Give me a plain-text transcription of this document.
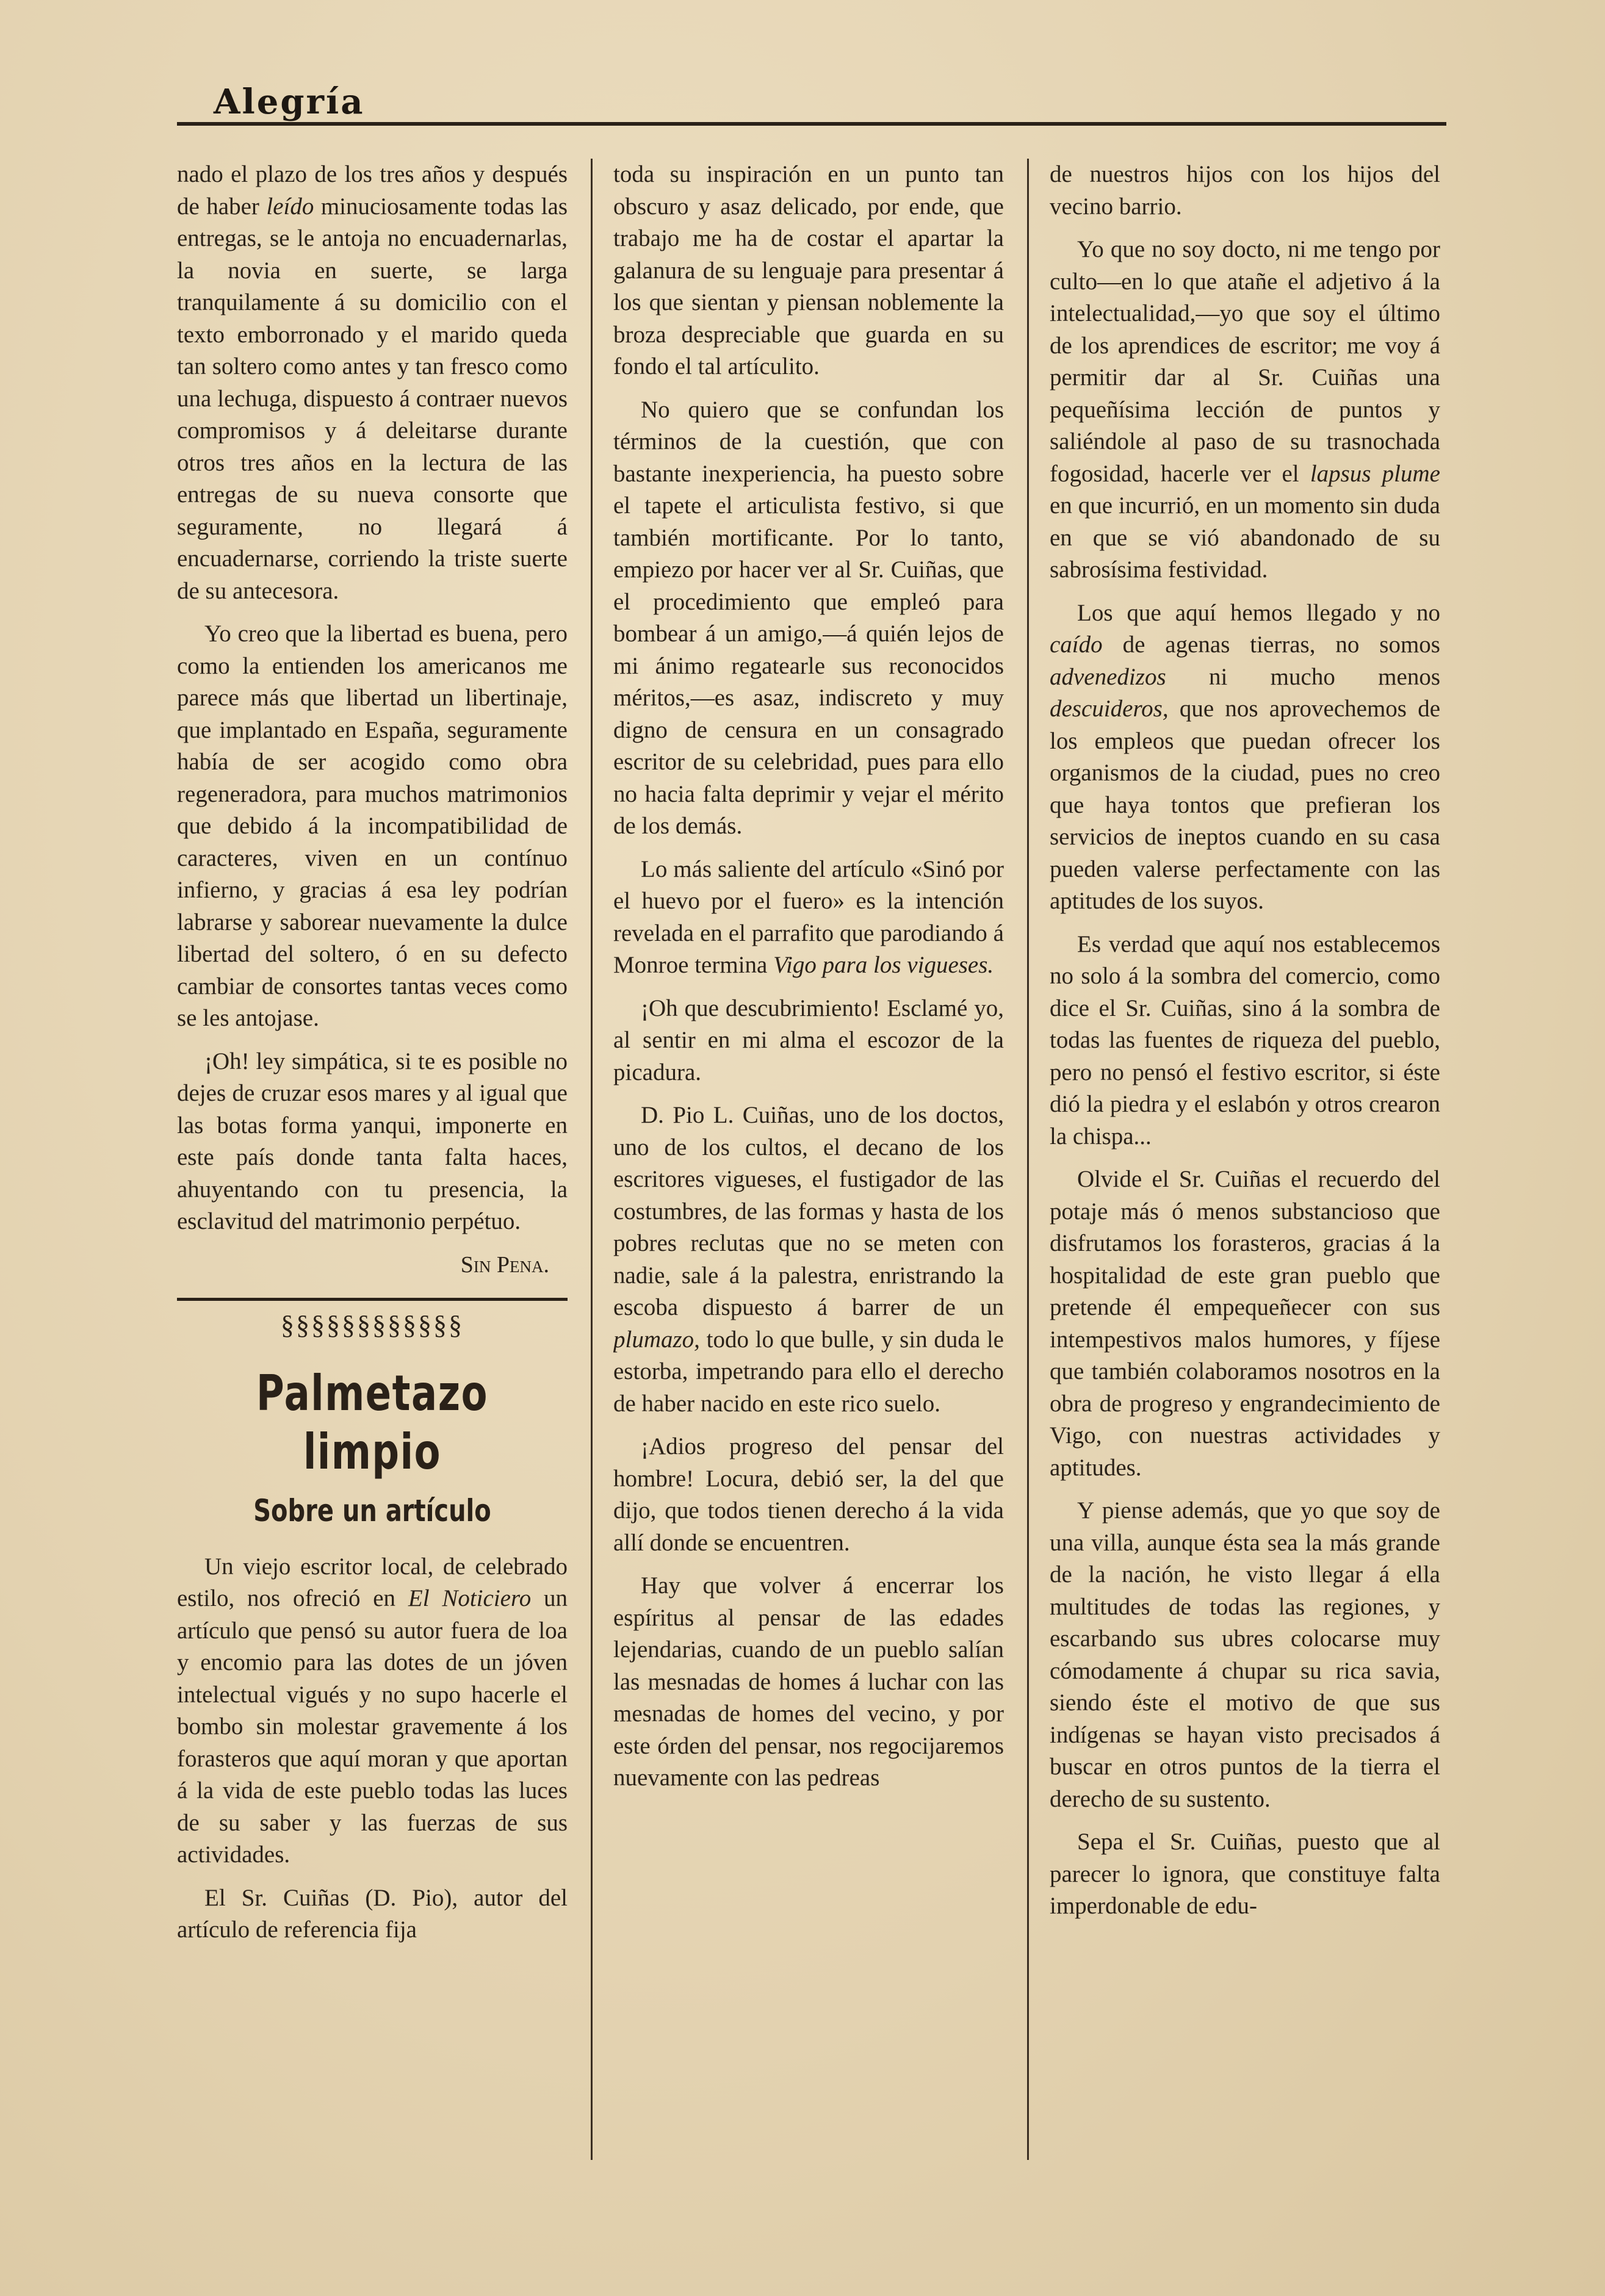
Alegría

nado el plazo de los tres años y después de haber leído minuciosamente todas las entregas, se le antoja no encuadernarlas, la novia en suerte, se larga tranquilamente á su domicilio con el texto emborronado y el marido queda tan soltero como antes y tan fresco como una lechuga, dispuesto á contraer nuevos compromisos y á deleitarse durante otros tres años en la lectura de las entregas de su nueva consorte que seguramente, no llegará á encuadernarse, corriendo la triste suerte de su antecesora.

Yo creo que la libertad es buena, pero como la entienden los americanos me parece más que libertad un libertinaje, que implantado en España, seguramente había de ser acogido como obra regeneradora, para muchos matrimonios que debido á la incompatibilidad de caracteres, viven en un contínuo infierno, y gracias á esa ley podrían labrarse y saborear nuevamente la dulce libertad del soltero, ó en su defecto cambiar de consortes tantas veces como se les antojase.

¡Oh! ley simpática, si te es posible no dejes de cruzar esos mares y al igual que las botas forma yanqui, imponerte en este país donde tanta falta haces, ahuyentando con tu presencia, la esclavitud del matrimonio perpétuo.

Sin Pena.
§§§§§§§§§§§§
Palmetazo limpio
Sobre un artículo

Un viejo escritor local, de celebrado estilo, nos ofreció en El Noticiero un artículo que pensó su autor fuera de loa y encomio para las dotes de un jóven intelectual vigués y no supo hacerle el bombo sin molestar gravemente á los forasteros que aquí moran y que aportan á la vida de este pueblo todas las luces de su saber y las fuerzas de sus actividades.

El Sr. Cuiñas (D. Pio), autor del artículo de referencia fija

toda su inspiración en un punto tan obscuro y asaz delicado, por ende, que trabajo me ha de costar el apartar la galanura de su lenguaje para presentar á los que sientan y piensan noblemente la broza despreciable que guarda en su fondo el tal artículito.

No quiero que se confundan los términos de la cuestión, que con bastante inexperiencia, ha puesto sobre el tapete el articulista festivo, si que también mortificante. Por lo tanto, empiezo por hacer ver al Sr. Cuiñas, que el procedimiento que empleó para bombear á un amigo,—á quién lejos de mi ánimo regatearle sus reconocidos méritos,—es asaz, indiscreto y muy digno de censura en un consagrado escritor de su celebridad, pues para ello no hacia falta deprimir y vejar el mérito de los demás.

Lo más saliente del artículo «Sinó por el huevo por el fuero» es la intención revelada en el parrafito que parodiando á Monroe termina Vigo para los vigueses.

¡Oh que descubrimiento! Esclamé yo, al sentir en mi alma el escozor de la picadura.

D. Pio L. Cuiñas, uno de los doctos, uno de los cultos, el decano de los escritores vigueses, el fustigador de las costumbres, de las formas y hasta de los pobres reclutas que no se meten con nadie, sale á la palestra, enristrando la escoba dispuesto á barrer de un plumazo, todo lo que bulle, y sin duda le estorba, impetrando para ello el derecho de haber nacido en este rico suelo.

¡Adios progreso del pensar del hombre! Locura, debió ser, la del que dijo, que todos tienen derecho á la vida allí donde se encuentren.

Hay que volver á encerrar los espíritus al pensar de las edades lejendarias, cuando de un pueblo salían las mesnadas de homes á luchar con las mesnadas de homes del vecino, y por este órden del pensar, nos regocijaremos nuevamente con las pedreas

de nuestros hijos con los hijos del vecino barrio.

Yo que no soy docto, ni me tengo por culto—en lo que atañe el adjetivo á la intelectualidad,—yo que soy el último de los aprendices de escritor; me voy á permitir dar al Sr. Cuiñas una pequeñísima lección de puntos y saliéndole al paso de su trasnochada fogosidad, hacerle ver el lapsus plume en que incurrió, en un momento sin duda en que se vió abandonado de su sabrosísima festividad.

Los que aquí hemos llegado y no caído de agenas tierras, no somos advenedizos ni mucho menos descuideros, que nos aprovechemos de los empleos que puedan ofrecer los organismos de la ciudad, pues no creo que haya tontos que prefieran los servicios de ineptos cuando en su casa pueden valerse perfectamente con las aptitudes de los suyos.

Es verdad que aquí nos establecemos no solo á la sombra del comercio, como dice el Sr. Cuiñas, sino á la sombra de todas las fuentes de riqueza del pueblo, pero no pensó el festivo escritor, si éste dió la piedra y el eslabón y otros crearon la chispa...

Olvide el Sr. Cuiñas el recuerdo del potaje más ó menos substancioso que disfrutamos los forasteros, gracias á la hospitalidad de este gran pueblo que pretende él empequeñecer con sus intempestivos malos humores, y fíjese que también colaboramos nosotros en la obra de progreso y engrandecimiento de Vigo, con nuestras actividades y aptitudes.

Y piense además, que yo que soy de una villa, aunque ésta sea la más grande de la nación, he visto llegar á ella multitudes de todas las regiones, y escarbando sus ubres colocarse muy cómodamente á chupar su rica savia, siendo éste el motivo de que sus indígenas se hayan visto precisados á buscar en otros puntos de la tierra el derecho de su sustento.

Sepa el Sr. Cuiñas, puesto que al parecer lo ignora, que constituye falta imperdonable de edu-
